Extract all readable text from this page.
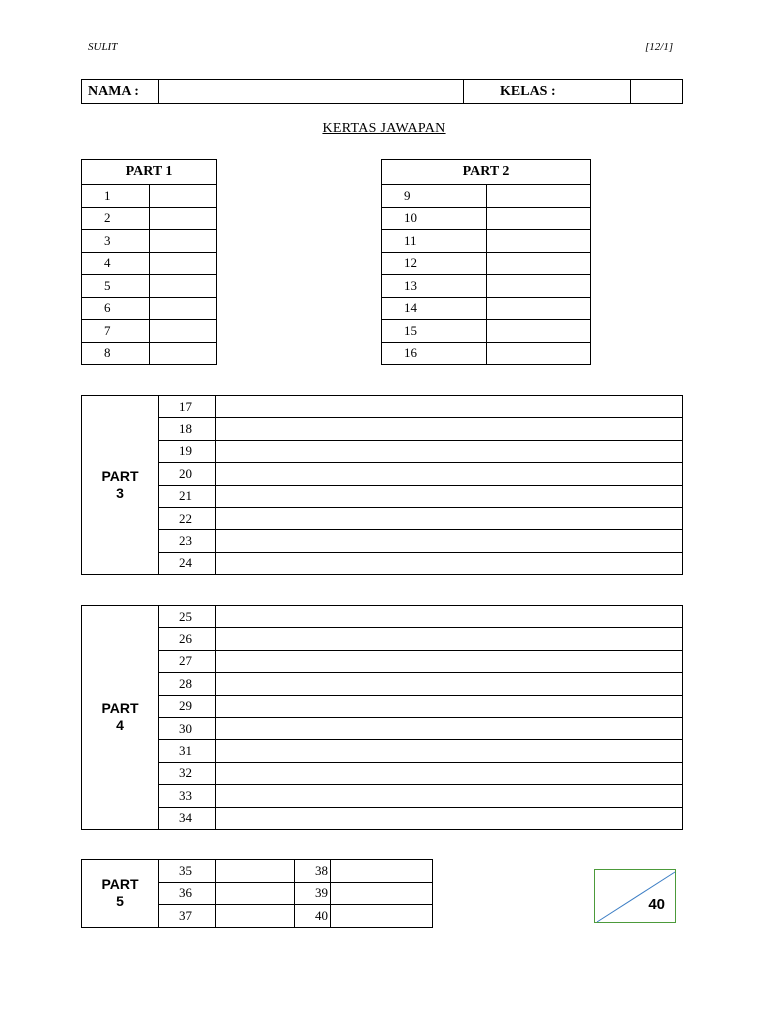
SULIT	[12/1]
NAMA :		KELAS :	
KERTAS JAWAPAN
PART 1	
1	
2	
3	
4	
5	
6	
7	
8	
PART 2	
9	
10	
11	
12	
13	
14	
15	
16	
PART
3	17	
	18	
	19	
	20	
	21	
	22	
	23	
	24	
PART
4	25	
	26	
	27	
	28	
	29	
	30	
	31	
	32	
	33	
	34	
PART
5	35		38	
	36		39	
	37		40	
40
